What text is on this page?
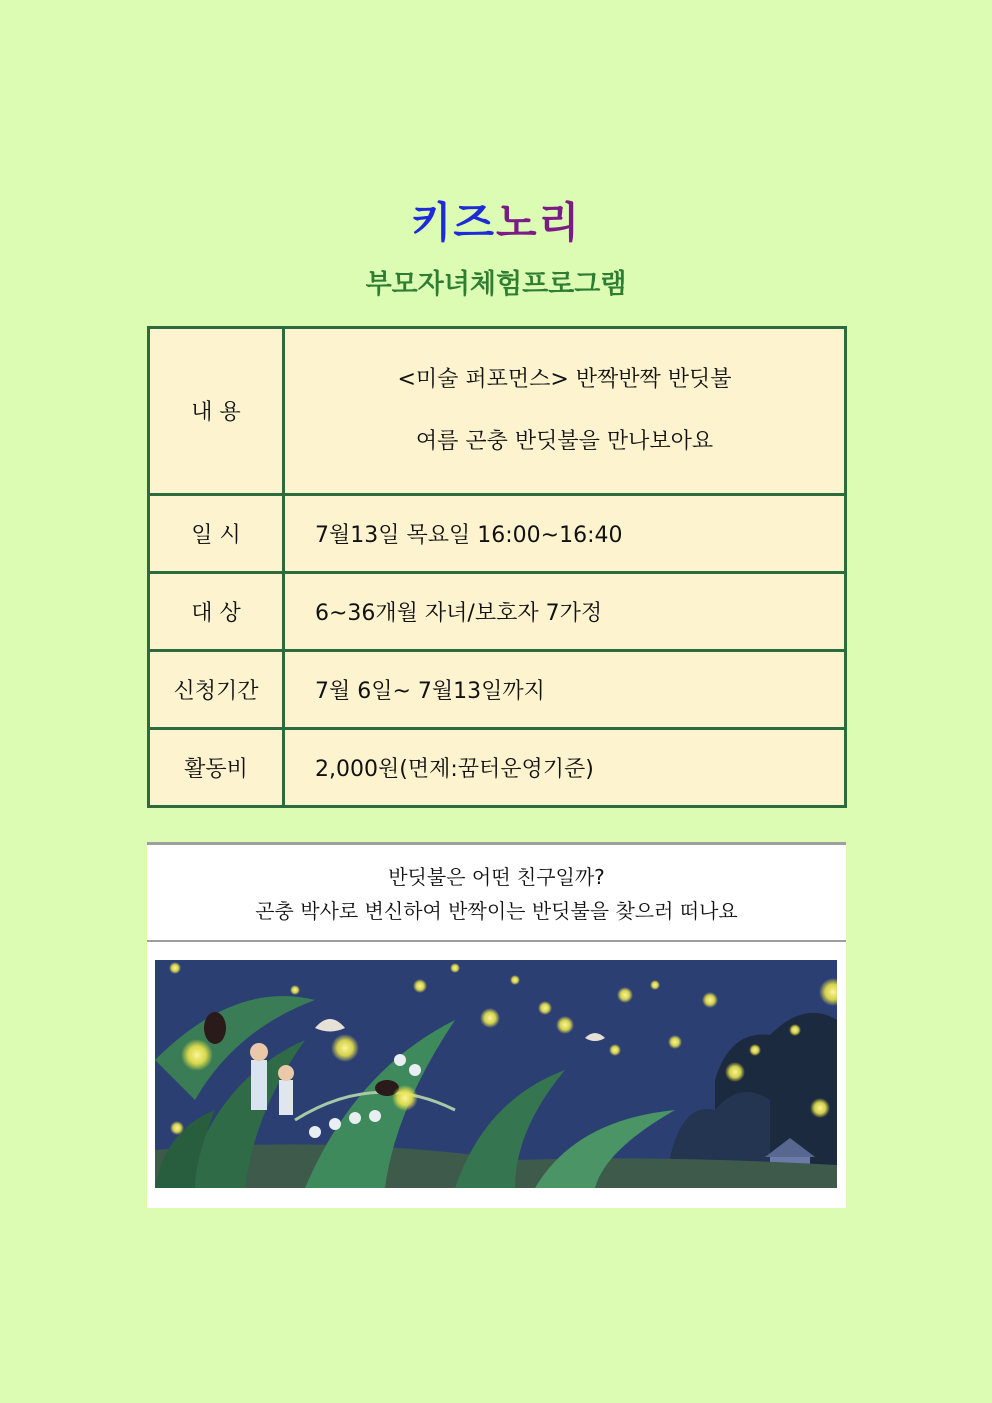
키즈노리
부모자녀체험프로그램
내 용	<미술 퍼포먼스> 반짝반짝 반딧불
여름 곤충 반딧불을 만나보아요

일 시	7월13일 목요일 16:00~16:40
대 상	6~36개월 자녀/보호자 7가정
신청기간	7월 6일~ 7월13일까지
활동비	2,000원(면제:꿈터운영기준)
반딧불은 어떤 친구일까?
곤충 박사로 변신하여 반짝이는 반딧불을 찾으러 떠나요
